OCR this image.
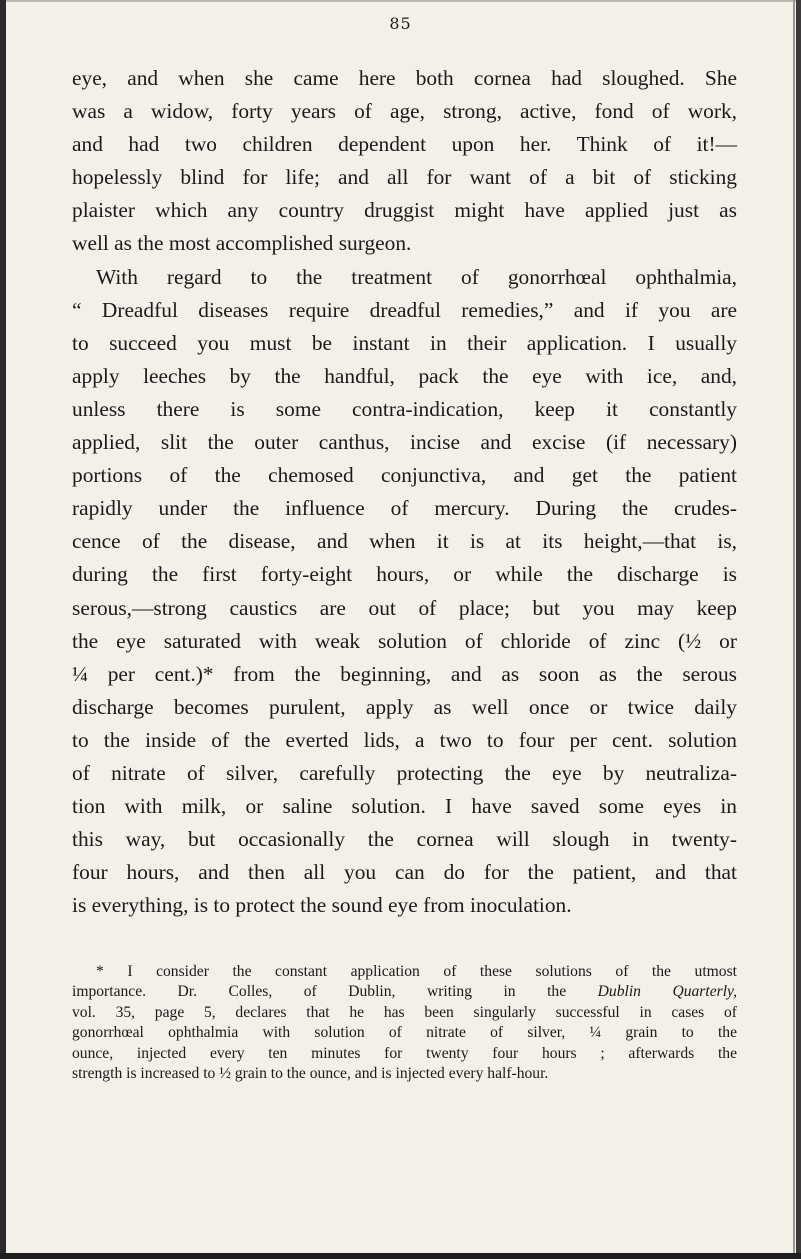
85
eye, and when she came here both cornea had sloughed. She
was a widow, forty years of age, strong, active, fond of work,
and had two children dependent upon her. Think of it!—
hopelessly blind for life; and all for want of a bit of sticking
plaister which any country druggist might have applied just as
well as the most accomplished surgeon.
With regard to the treatment of gonorrhœal ophthalmia,
“ Dreadful diseases require dreadful remedies,” and if you are
to succeed you must be instant in their application. I usually
apply leeches by the handful, pack the eye with ice, and,
unless there is some contra-indication, keep it constantly
applied, slit the outer canthus, incise and excise (if necessary)
portions of the chemosed conjunctiva, and get the patient
rapidly under the influence of mercury. During the crudes-
cence of the disease, and when it is at its height,—that is,
during the first forty-eight hours, or while the discharge is
serous,—strong caustics are out of place; but you may keep
the eye saturated with weak solution of chloride of zinc (½ or
¼ per cent.)* from the beginning, and as soon as the serous
discharge becomes purulent, apply as well once or twice daily
to the inside of the everted lids, a two to four per cent. solution
of nitrate of silver, carefully protecting the eye by neutraliza-
tion with milk, or saline solution. I have saved some eyes in
this way, but occasionally the cornea will slough in twenty-
four hours, and then all you can do for the patient, and that
is everything, is to protect the sound eye from inoculation.
* I consider the constant application of these solutions of the utmost
importance. Dr. Colles, of Dublin, writing in the Dublin Quarterly,
vol. 35, page 5, declares that he has been singularly successful in cases of
gonorrhœal ophthalmia with solution of nitrate of silver, ¼ grain to the
ounce, injected every ten minutes for twenty four hours ; afterwards the
strength is increased to ½ grain to the ounce, and is injected every half-hour.
